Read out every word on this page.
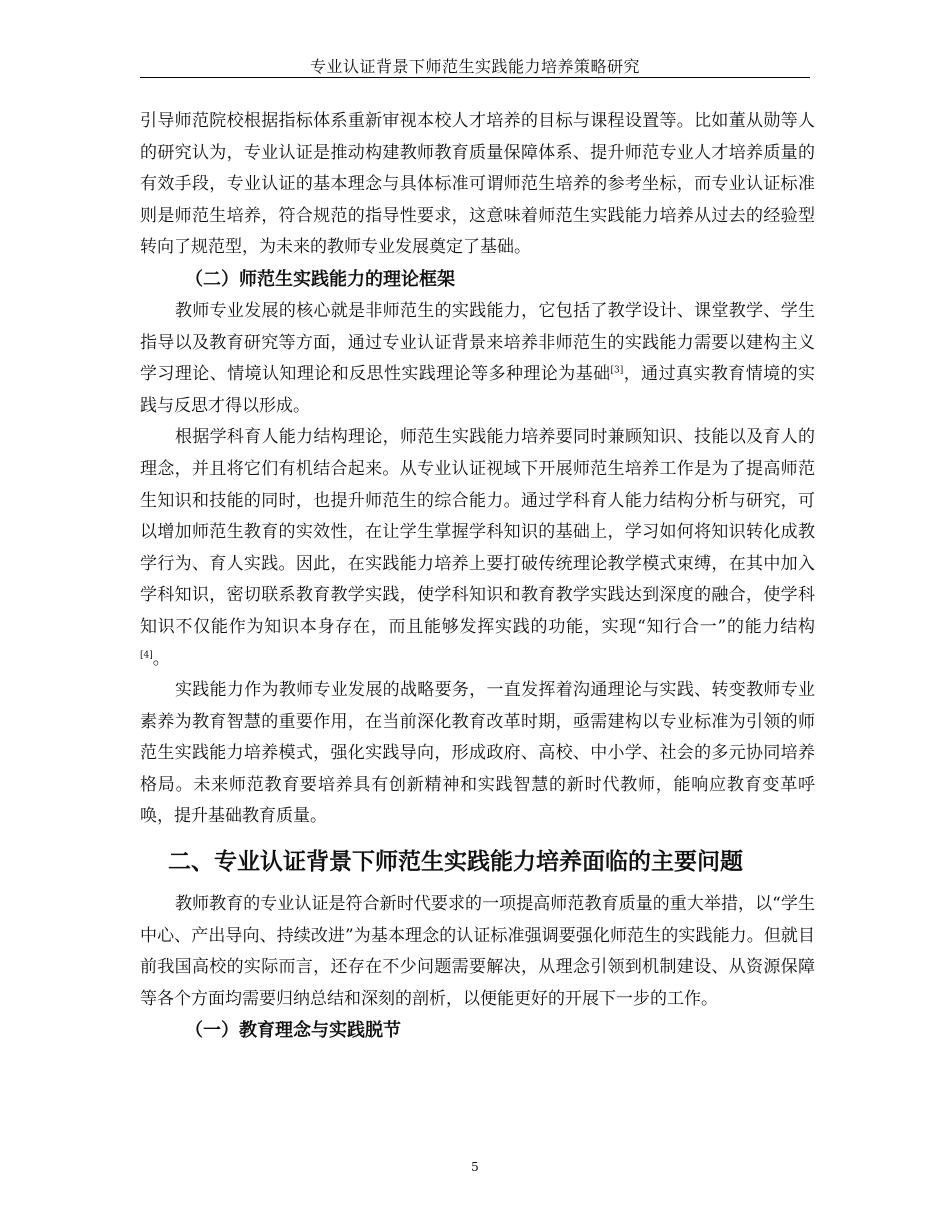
专业认证背景下师范生实践能力培养策略研究

引导师范院校根据指标体系重新审视本校人才培养的目标与课程设置等。比如董从勋等人的研究认为，专业认证是推动构建教师教育质量保障体系、提升师范专业人才培养质量的有效手段，专业认证的基本理念与具体标准可谓师范生培养的参考坐标，而专业认证标准则是师范生培养，符合规范的指导性要求，这意味着师范生实践能力培养从过去的经验型转向了规范型，为未来的教师专业发展奠定了基础。

（二）师范生实践能力的理论框架

教师专业发展的核心就是非师范生的实践能力，它包括了教学设计、课堂教学、学生指导以及教育研究等方面，通过专业认证背景来培养非师范生的实践能力需要以建构主义学习理论、情境认知理论和反思性实践理论等多种理论为基础[3]，通过真实教育情境的实践与反思才得以形成。

根据学科育人能力结构理论，师范生实践能力培养要同时兼顾知识、技能以及育人的理念，并且将它们有机结合起来。从专业认证视域下开展师范生培养工作是为了提高师范生知识和技能的同时，也提升师范生的综合能力。通过学科育人能力结构分析与研究，可以增加师范生教育的实效性，在让学生掌握学科知识的基础上，学习如何将知识转化成教学行为、育人实践。因此，在实践能力培养上要打破传统理论教学模式束缚，在其中加入学科知识，密切联系教育教学实践，使学科知识和教育教学实践达到深度的融合，使学科知识不仅能作为知识本身存在，而且能够发挥实践的功能，实现“知行合一”的能力结构[4]。

实践能力作为教师专业发展的战略要务，一直发挥着沟通理论与实践、转变教师专业素养为教育智慧的重要作用，在当前深化教育改革时期，亟需建构以专业标准为引领的师范生实践能力培养模式，强化实践导向，形成政府、高校、中小学、社会的多元协同培养格局。未来师范教育要培养具有创新精神和实践智慧的新时代教师，能响应教育变革呼唤，提升基础教育质量。

二、专业认证背景下师范生实践能力培养面临的主要问题

教师教育的专业认证是符合新时代要求的一项提高师范教育质量的重大举措，以“学生中心、产出导向、持续改进”为基本理念的认证标准强调要强化师范生的实践能力。但就目前我国高校的实际而言，还存在不少问题需要解决，从理念引领到机制建设、从资源保障等各个方面均需要归纳总结和深刻的剖析，以便能更好的开展下一步的工作。

（一）教育理念与实践脱节
5
